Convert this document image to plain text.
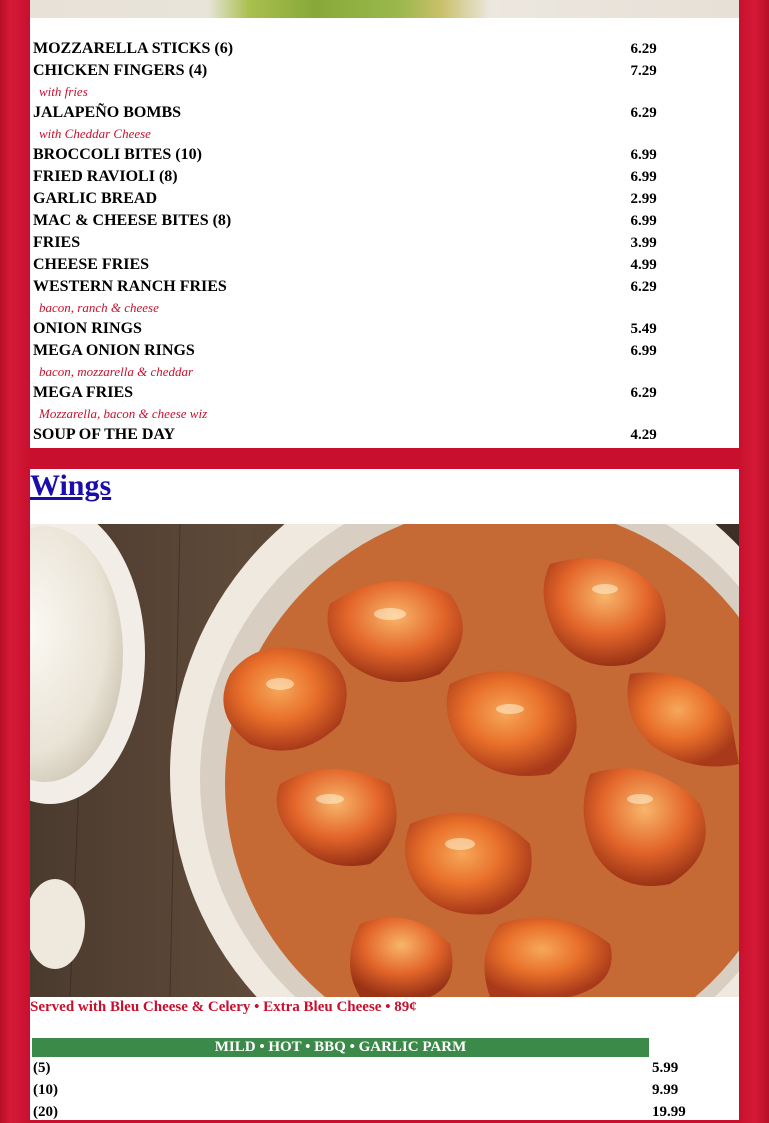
MOZZARELLA STICKS (6)	6.29
CHICKEN FINGERS (4)	7.29
with fries	
JALAPEÑO BOMBS	6.29
with Cheddar Cheese	
BROCCOLI BITES (10)	6.99
FRIED RAVIOLI (8)	6.99
GARLIC BREAD	2.99
MAC & CHEESE BITES (8)	6.99
FRIES	3.99
CHEESE FRIES	4.99
WESTERN RANCH FRIES	6.29
bacon, ranch & cheese	
ONION RINGS	5.49
MEGA ONION RINGS	6.99
bacon, mozzarella & cheddar	
MEGA FRIES	6.29
Mozzarella, bacon & cheese wiz	
SOUP OF THE DAY	4.29
Wings

Served with Bleu Cheese & Celery • Extra Bleu Cheese • 89¢

MILD • HOT • BBQ • GARLIC PARM	
(5)	5.99
(10)	9.99
(20)	19.99
